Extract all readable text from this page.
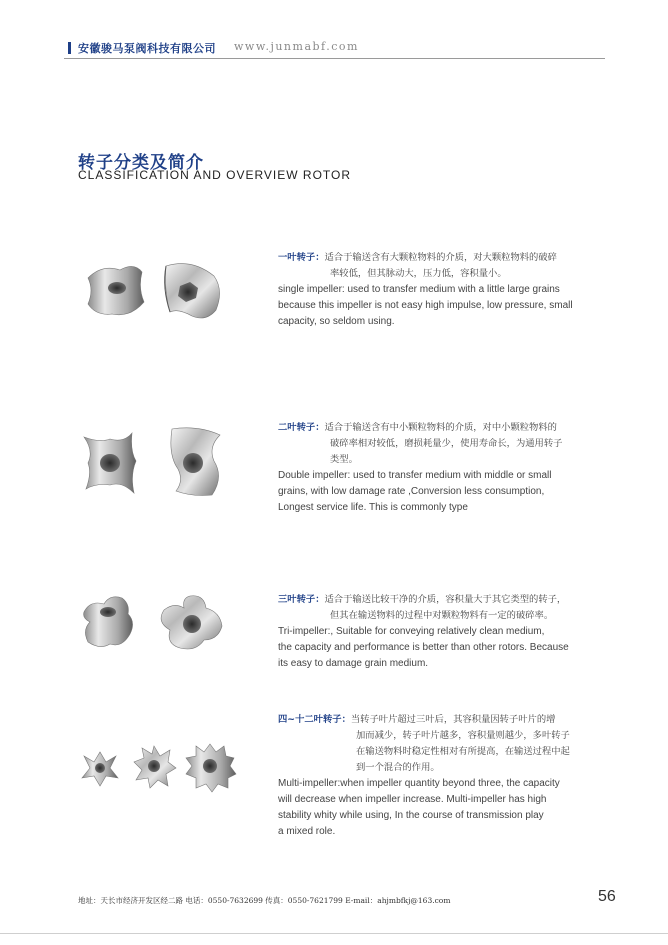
安徽骏马泵阀科技有限公司 www.junmabf.com
转子分类及简介
CLASSIFICATION AND OVERVIEW ROTOR
一叶转子：适合于输送含有大颗粒物料的介质，对大颗粒物料的破碎
率较低，但其脉动大，压力低，容积量小。
single impeller: used to transfer medium with a little large grains
because this impeller is not easy high impulse, low pressure, small
capacity, so seldom using.
二叶转子：适合于输送含有中小颗粒物料的介质，对中小颗粒物料的
破碎率相对较低，磨损耗量少，使用寿命长，为通用转子
类型。
Double impeller: used to transfer medium with middle or small
grains, with low damage rate ,Conversion less consumption,
Longest service life. This is commonly type
三叶转子：适合于输送比较干净的介质，容积量大于其它类型的转子，
但其在输送物料的过程中对颗粒物料有一定的破碎率。
Tri-impeller:, Suitable for conveying relatively clean medium,
the capacity and performance is better than other rotors. Because
its easy to damage grain medium.
四~十二叶转子：当转子叶片超过三叶后，其容积量因转子叶片的增
加而减少，转子叶片越多，容积量则越少，多叶转子
在输送物料时稳定性相对有所提高，在输送过程中起
到一个混合的作用。
Multi-impeller:when impeller quantity beyond three, the capacity
will decrease when impeller increase. Multi-impeller has high
stability whity while using, In the course of transmission play
a mixed role.
地址：天长市经济开发区经二路 电话：0550-7632699 传真：0550-7621799 E-mail：ahjmbfkj@163.com	56
